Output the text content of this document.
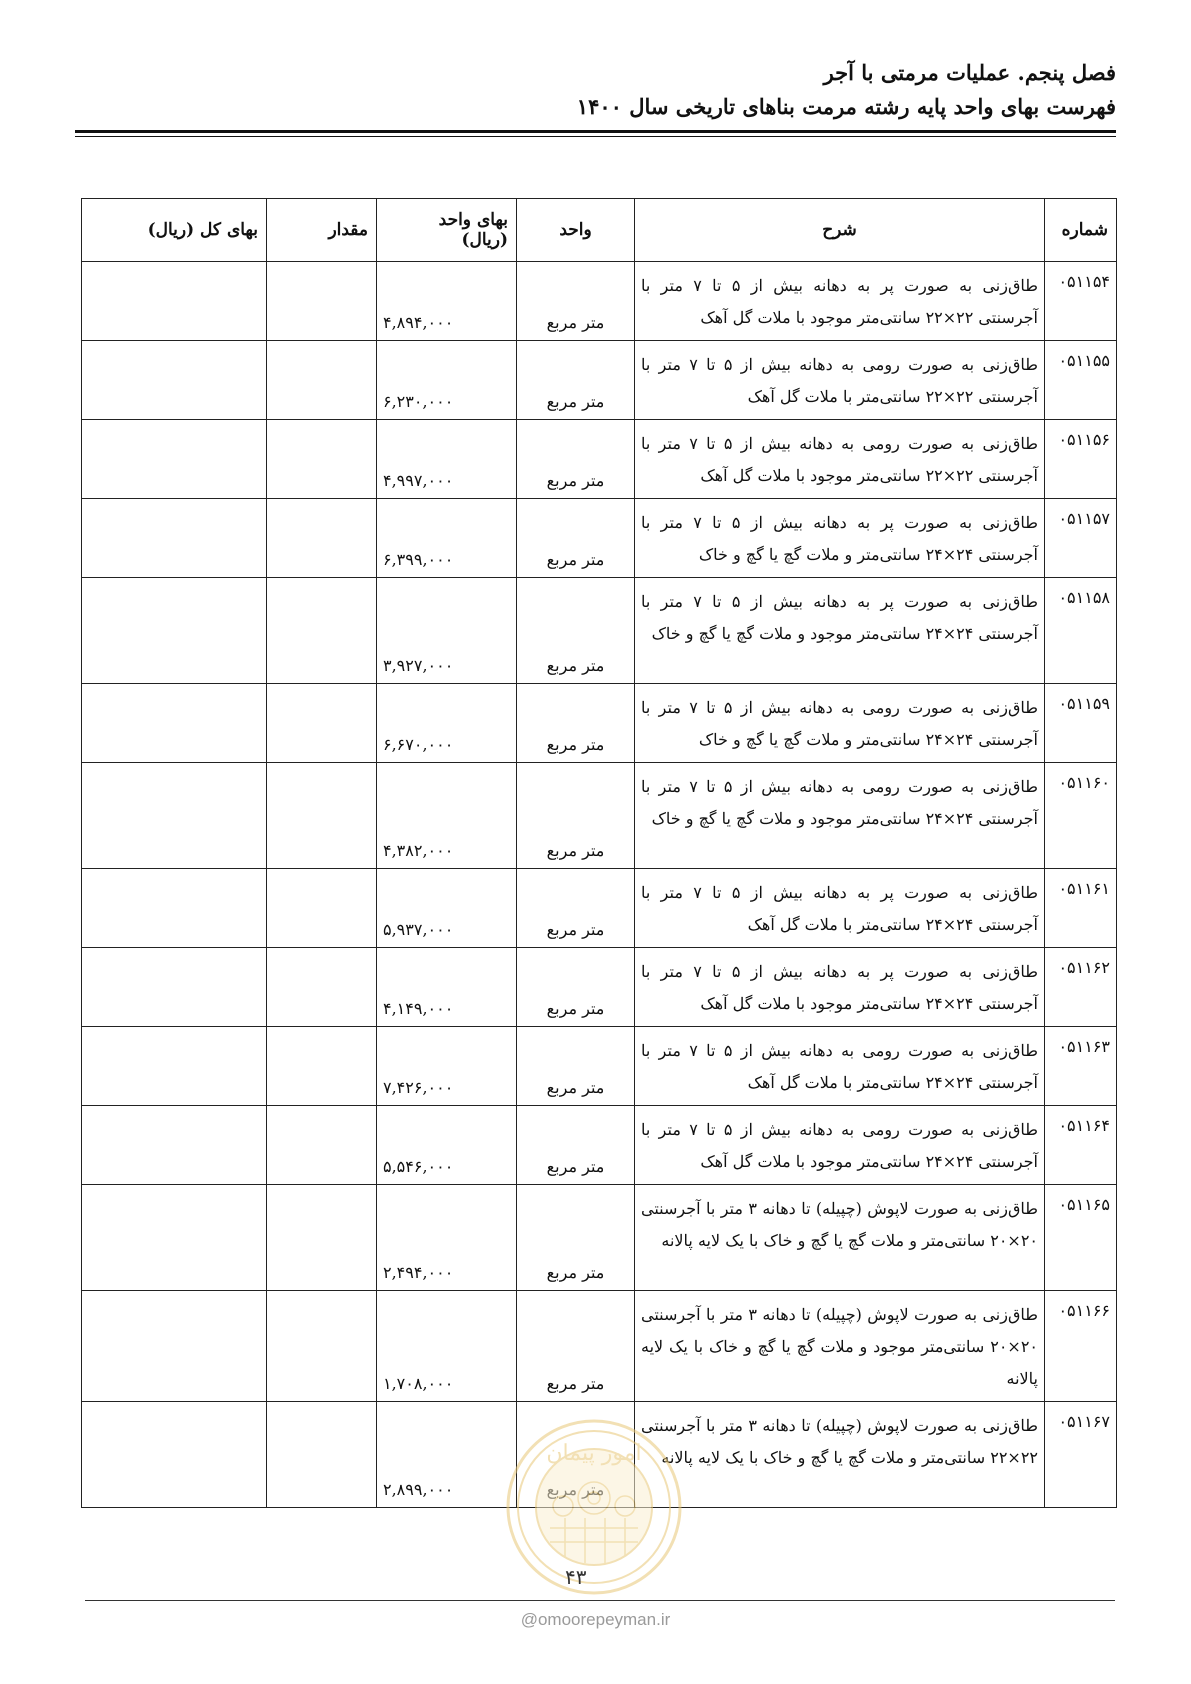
فصل پنجم. عملیات مرمتی با آجر
فهرست بهای واحد پایه رشته مرمت بناهای تاریخی سال ۱۴۰۰
شماره	شرح	واحد	بهای واحد (ریال)	مقدار	بهای کل (ریال)
۰۵۱۱۵۴	طاق‌زنی به صورت پر به دهانه بیش از ۵ تا ۷ متر با آجرسنتی ۲۲×۲۲ سانتی‌متر موجود با ملات گل آهک	متر مربع	۴,۸۹۴,۰۰۰		
۰۵۱۱۵۵	طاق‌زنی به صورت رومی به دهانه بیش از ۵ تا ۷ متر با آجرسنتی ۲۲×۲۲ سانتی‌متر با ملات گل آهک	متر مربع	۶,۲۳۰,۰۰۰		
۰۵۱۱۵۶	طاق‌زنی به صورت رومی به دهانه بیش از ۵ تا ۷ متر با آجرسنتی ۲۲×۲۲ سانتی‌متر موجود با ملات گل آهک	متر مربع	۴,۹۹۷,۰۰۰		
۰۵۱۱۵۷	طاق‌زنی به صورت پر به دهانه بیش از ۵ تا ۷ متر با آجرسنتی ۲۴×۲۴ سانتی‌متر و ملات گچ یا گچ و خاک	متر مربع	۶,۳۹۹,۰۰۰		
۰۵۱۱۵۸	طاق‌زنی به صورت پر به دهانه بیش از ۵ تا ۷ متر با آجرسنتی ۲۴×۲۴ سانتی‌متر موجود و ملات گچ یا گچ و خاک	متر مربع	۳,۹۲۷,۰۰۰		
۰۵۱۱۵۹	طاق‌زنی به صورت رومی به دهانه بیش از ۵ تا ۷ متر با آجرسنتی ۲۴×۲۴ سانتی‌متر و ملات گچ یا گچ و خاک	متر مربع	۶,۶۷۰,۰۰۰		
۰۵۱۱۶۰	طاق‌زنی به صورت رومی به دهانه بیش از ۵ تا ۷ متر با آجرسنتی ۲۴×۲۴ سانتی‌متر موجود و ملات گچ یا گچ و خاک	متر مربع	۴,۳۸۲,۰۰۰		
۰۵۱۱۶۱	طاق‌زنی به صورت پر به دهانه بیش از ۵ تا ۷ متر با آجرسنتی ۲۴×۲۴ سانتی‌متر با ملات گل آهک	متر مربع	۵,۹۳۷,۰۰۰		
۰۵۱۱۶۲	طاق‌زنی به صورت پر به دهانه بیش از ۵ تا ۷ متر با آجرسنتی ۲۴×۲۴ سانتی‌متر موجود با ملات گل آهک	متر مربع	۴,۱۴۹,۰۰۰		
۰۵۱۱۶۳	طاق‌زنی به صورت رومی به دهانه بیش از ۵ تا ۷ متر با آجرسنتی ۲۴×۲۴ سانتی‌متر با ملات گل آهک	متر مربع	۷,۴۲۶,۰۰۰		
۰۵۱۱۶۴	طاق‌زنی به صورت رومی به دهانه بیش از ۵ تا ۷ متر با آجرسنتی ۲۴×۲۴ سانتی‌متر موجود با ملات گل آهک	متر مربع	۵,۵۴۶,۰۰۰		
۰۵۱۱۶۵	طاق‌زنی به صورت لاپوش (چپیله) تا دهانه ۳ متر با آجرسنتی ۲۰×۲۰ سانتی‌متر و ملات گچ یا گچ و خاک با یک لایه پالانه	متر مربع	۲,۴۹۴,۰۰۰		
۰۵۱۱۶۶	طاق‌زنی به صورت لاپوش (چپیله) تا دهانه ۳ متر با آجرسنتی ۲۰×۲۰ سانتی‌متر موجود و ملات گچ یا گچ و خاک با یک لایه پالانه	متر مربع	۱,۷۰۸,۰۰۰		
۰۵۱۱۶۷	طاق‌زنی به صورت لاپوش (چپیله) تا دهانه ۳ متر با آجرسنتی ۲۲×۲۲ سانتی‌متر و ملات گچ یا گچ و خاک با یک لایه پالانه		۲,۸۹۹,۰۰۰		
امور پیمان
۴۳
@omoorepeyman.ir
